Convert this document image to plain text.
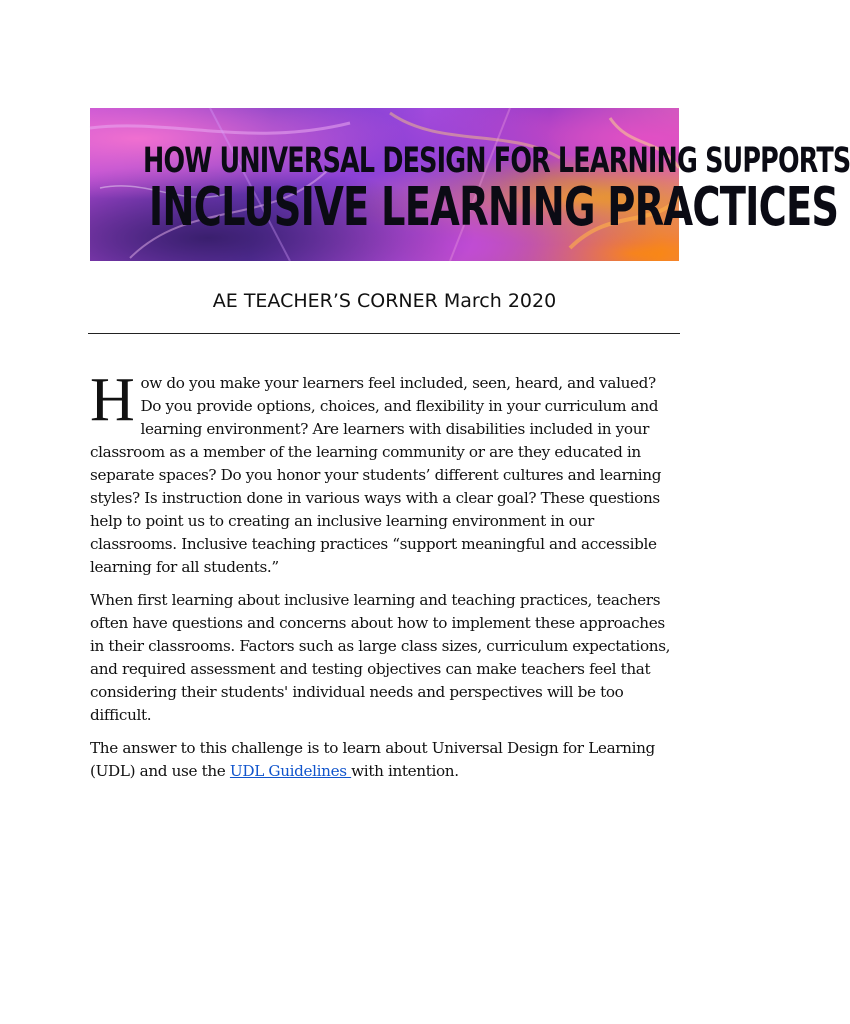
HOW UNIVERSAL DESIGN FOR LEARNING SUPPORTS
INCLUSIVE LEARNING PRACTICES
AE TEACHER’S CORNER March 2020

How do you make your learners feel included, seen, heard, and valued? Do you provide options, choices, and flexibility in your curriculum and learning environment? Are learners with disabilities included in your classroom as a member of the learning community or are they educated in separate spaces? Do you honor your students’ different cultures and learning styles? Is instruction done in various ways with a clear goal? These questions help to point us to creating an inclusive learning environment in our classrooms. Inclusive teaching practices “support meaningful and accessible learning for all students.”

When first learning about inclusive learning and teaching practices, teachers often have questions and concerns about how to implement these approaches in their classrooms. Factors such as large class sizes, curriculum expectations, and required assessment and testing objectives can make teachers feel that considering their students' individual needs and perspectives will be too difficult.

The answer to this challenge is to learn about Universal Design for Learning (UDL) and use the UDL Guidelines with intention.
